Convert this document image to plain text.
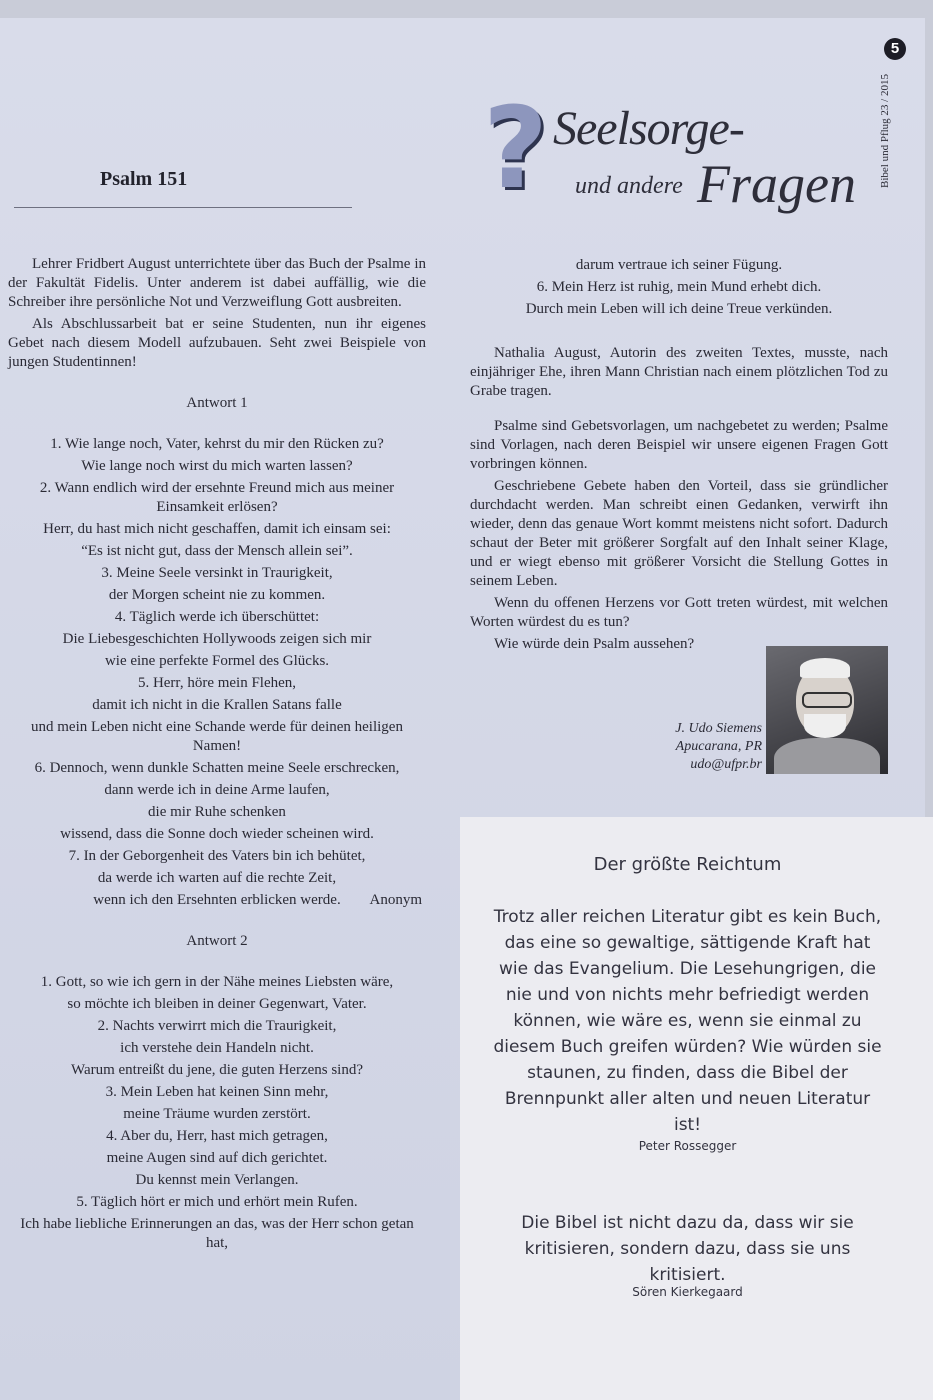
5
Bibel und Pflug 23 / 2015
? Seelsorge-
und andere Fragen
Psalm 151

Lehrer Fridbert August unterrichtete über das Buch der Psalme in der Fakultät Fidelis. Unter anderem ist dabei auffällig, wie die Schreiber ihre persönliche Not und Verzweiflung Gott ausbreiten.

Als Abschlussarbeit bat er seine Studenten, nun ihr eigenes Gebet nach diesem Modell aufzubauen. Seht zwei Beispiele von jungen Studentinnen!

Antwort 1

1. Wie lange noch, Vater, kehrst du mir den Rücken zu?

Wie lange noch wirst du mich warten lassen?

2. Wann endlich wird der ersehnte Freund mich aus meiner Einsamkeit erlösen?

Herr, du hast mich nicht geschaffen, damit ich einsam sei:

“Es ist nicht gut, dass der Mensch allein sei”.

3. Meine Seele versinkt in Traurigkeit,

der Morgen scheint nie zu kommen.

4. Täglich werde ich überschüttet:

Die Liebesgeschichten Hollywoods zeigen sich mir

wie eine perfekte Formel des Glücks.

5. Herr, höre mein Flehen,

damit ich nicht in die Krallen Satans falle

und mein Leben nicht eine Schande werde für deinen heiligen Namen!

6. Dennoch, wenn dunkle Schatten meine Seele erschrecken,

dann werde ich in deine Arme laufen,

die mir Ruhe schenken

wissend, dass die Sonne doch wieder scheinen wird.

7. In der Geborgenheit des Vaters bin ich behütet,

da werde ich warten auf die rechte Zeit,

wenn ich den Ersehnten erblicken werde. Anonym

Antwort 2

1. Gott, so wie ich gern in der Nähe meines Liebsten wäre,

so möchte ich bleiben in deiner Gegenwart, Vater.

2. Nachts verwirrt mich die Traurigkeit,

ich verstehe dein Handeln nicht.

Warum entreißt du jene, die guten Herzens sind?

3. Mein Leben hat keinen Sinn mehr,

meine Träume wurden zerstört.

4. Aber du, Herr, hast mich getragen,

meine Augen sind auf dich gerichtet.

Du kennst mein Verlangen.

5. Täglich hört er mich und erhört mein Rufen.

Ich habe liebliche Erinnerungen an das, was der Herr schon getan hat,

darum vertraue ich seiner Fügung.

6. Mein Herz ist ruhig, mein Mund erhebt dich.

Durch mein Leben will ich deine Treue verkünden.

Nathalia August, Autorin des zweiten Textes, musste, nach einjähriger Ehe, ihren Mann Christian nach einem plötzlichen Tod zu Grabe tragen.

Psalme sind Gebetsvorlagen, um nachgebetet zu werden; Psalme sind Vorlagen, nach deren Beispiel wir unsere eigenen Fragen Gott vorbringen können.

Geschriebene Gebete haben den Vorteil, dass sie gründlicher durchdacht werden. Man schreibt einen Gedanken, verwirft ihn wieder, denn das genaue Wort kommt meistens nicht sofort. Dadurch schaut der Beter mit größerer Sorgfalt auf den Inhalt seiner Klage, und er wiegt ebenso mit größerer Vorsicht die Stellung Gottes in seinem Leben.

Wenn du offenen Herzens vor Gott treten würdest, mit welchen Worten würdest du es tun?

Wie würde dein Psalm aussehen?

J. Udo Siemens
Apucarana, PR
udo@ufpr.br
Der größte Reichtum
Trotz aller reichen Literatur gibt es kein Buch, das eine so gewaltige, sättigende Kraft hat wie das Evangelium. Die Lesehungrigen, die nie und von nichts mehr befriedigt werden können, wie wäre es, wenn sie einmal zu diesem Buch greifen würden? Wie würden sie staunen, zu finden, dass die Bibel der Brennpunkt aller alten und neuen Literatur ist!
Peter Rossegger
Die Bibel ist nicht dazu da, dass wir sie kritisieren, sondern dazu, dass sie uns kritisiert.
Sören Kierkegaard
